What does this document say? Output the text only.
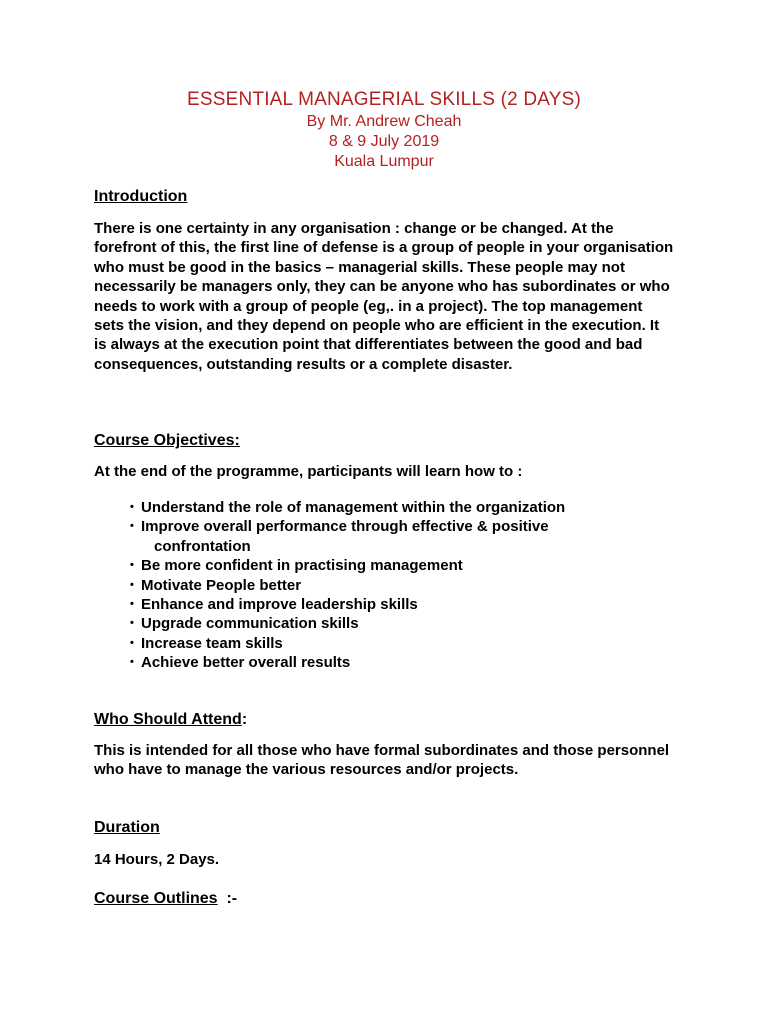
ESSENTIAL MANAGERIAL SKILLS (2 DAYS)
By Mr. Andrew Cheah
8 & 9 July 2019
Kuala Lumpur
Introduction
There is one certainty in any organisation : change or be changed. At the forefront of this, the first line of defense is a group of people in your organisation who must be good in the basics – managerial skills. These people may not necessarily be managers only, they can be anyone who has subordinates or who needs to work with a group of people (eg,. in a project). The top management sets the vision, and they depend on people who are efficient in the execution. It is always at the execution point that differentiates between the good and bad consequences, outstanding results or a complete disaster.
Course Objectives:
At the end of the programme, participants will learn how to :
• Understand the role of management within the organization
• Improve overall performance through effective & positive
confrontation
• Be more confident in practising management
• Motivate People better
• Enhance and improve leadership skills
• Upgrade communication skills
• Increase team skills
• Achieve better overall results
Who Should Attend:
This is intended for all those who have formal subordinates and those personnel who have to manage the various resources and/or projects.
Duration
14 Hours, 2 Days.
Course Outlines :-
